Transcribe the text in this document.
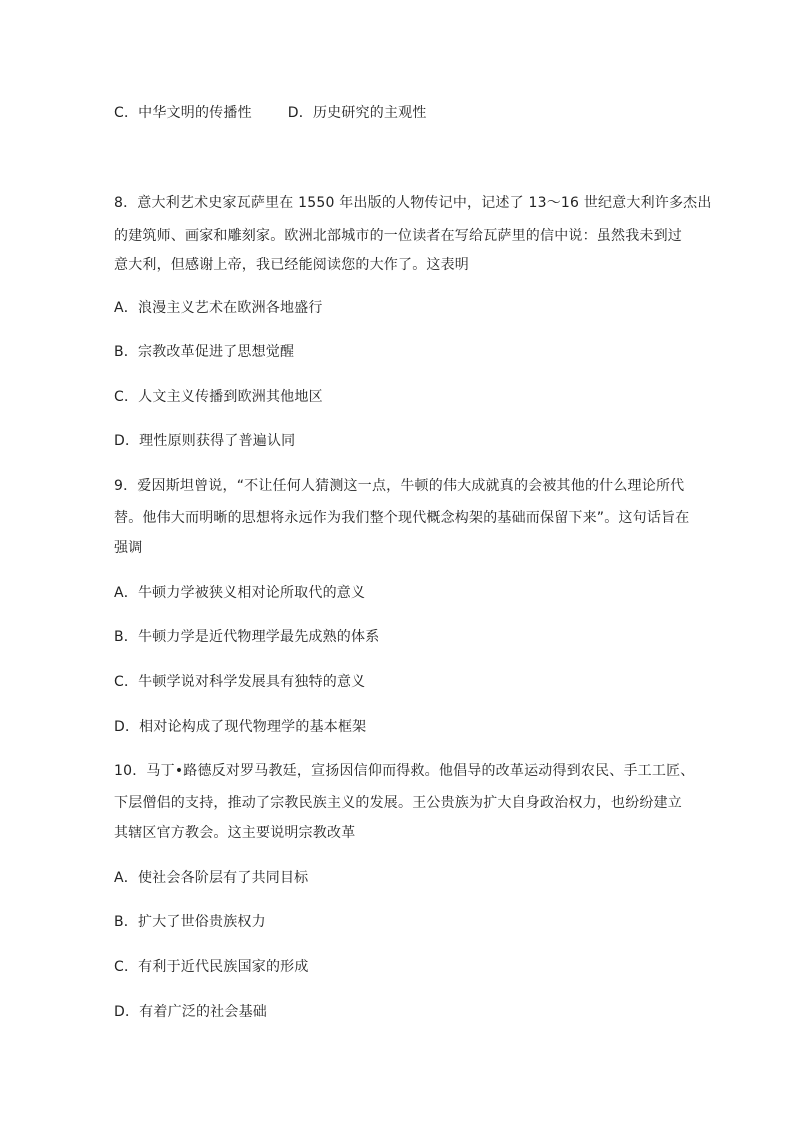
C．中华文明的传播性	D．历史研究的主观性
8．意大利艺术史家瓦萨里在 1550 年出版的人物传记中，记述了 13～16 世纪意大利许多杰出
的建筑师、画家和雕刻家。欧洲北部城市的一位读者在写给瓦萨里的信中说：虽然我未到过
意大利，但感谢上帝，我已经能阅读您的大作了。这表明
A．浪漫主义艺术在欧洲各地盛行
B．宗教改革促进了思想觉醒
C．人文主义传播到欧洲其他地区
D．理性原则获得了普遍认同
9．爱因斯坦曾说，“不让任何人猜测这一点，牛顿的伟大成就真的会被其他的什么理论所代
替。他伟大而明晰的思想将永远作为我们整个现代概念构架的基础而保留下来”。这句话旨在
强调
A．牛顿力学被狭义相对论所取代的意义
B．牛顿力学是近代物理学最先成熟的体系
C．牛顿学说对科学发展具有独特的意义
D．相对论构成了现代物理学的基本框架
10．马丁•路德反对罗马教廷，宣扬因信仰而得救。他倡导的改革运动得到农民、手工工匠、
下层僧侣的支持，推动了宗教民族主义的发展。王公贵族为扩大自身政治权力，也纷纷建立
其辖区官方教会。这主要说明宗教改革
A．使社会各阶层有了共同目标
B．扩大了世俗贵族权力
C．有利于近代民族国家的形成
D．有着广泛的社会基础
